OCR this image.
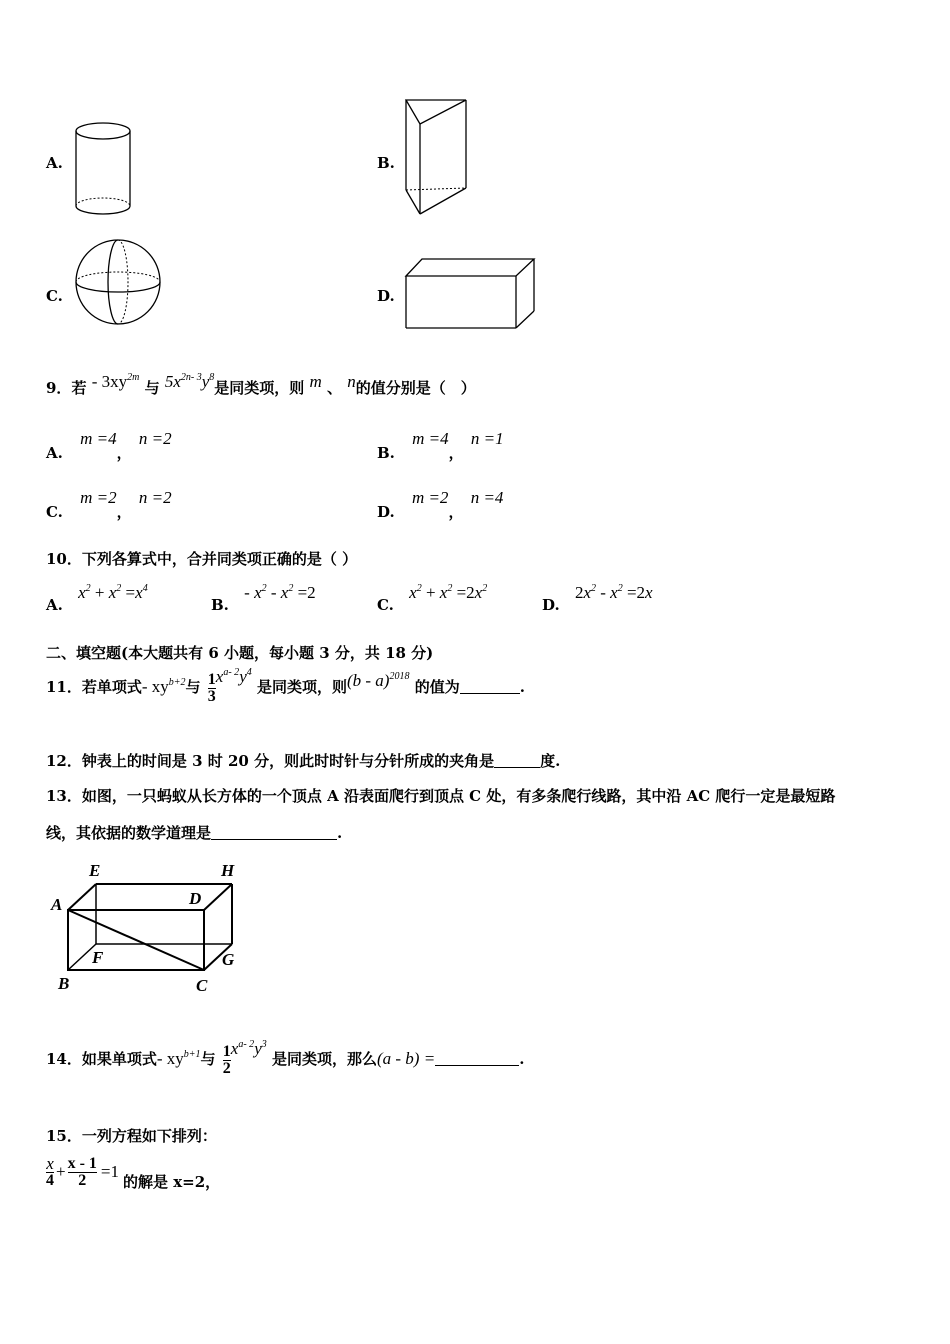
A.	B.
C.	D.
9．若 - $3xy^{2m}$ 与 $5x^{2n- 3}y^8$是同类项，则 m 、 n的值分别是（　）
A. m =4， n =2
B. m =4， n =1
C. m =2， n =2
D. m =2， n =4
10．下列各算式中，合并同类项正确的是（ ）
A. $x^2 + x^2 =x^4$
B. - $x^2 - x^2 =2$
C. $x^2 + x^2 =2x^2$
D. $2x^2 - x^2 =2x$
二、填空题(本大题共有 6 小题，每小题 3 分，共 18 分)
11．若单项式- $xy^{b+2}$与 $\frac{1}{3} x^{a- 2}y^4$ 是同类项，则(b - a)$^{2018}$ 的值为	.
12．钟表上的时间是 3 时 20 分，则此时时针与分针所成的夹角是	度.
13．如图，一只蚂蚁从长方体的一个顶点 A 沿表面爬行到顶点 C 处，有多条爬行线路，其中沿 AC 爬行一定是最短路
线，其依据的数学道理是	.
E	H
A	D
F	G
B	C
14．如果单项式- $xy^{b+1}$与 $\frac{1}{2} x^{a- 2}y^3$ 是同类项，那么(a - b) =	.
15．一列方程如下排列：
$\frac{x}{4} + \frac{x - 1}{2} =1$的解是 x=2，
